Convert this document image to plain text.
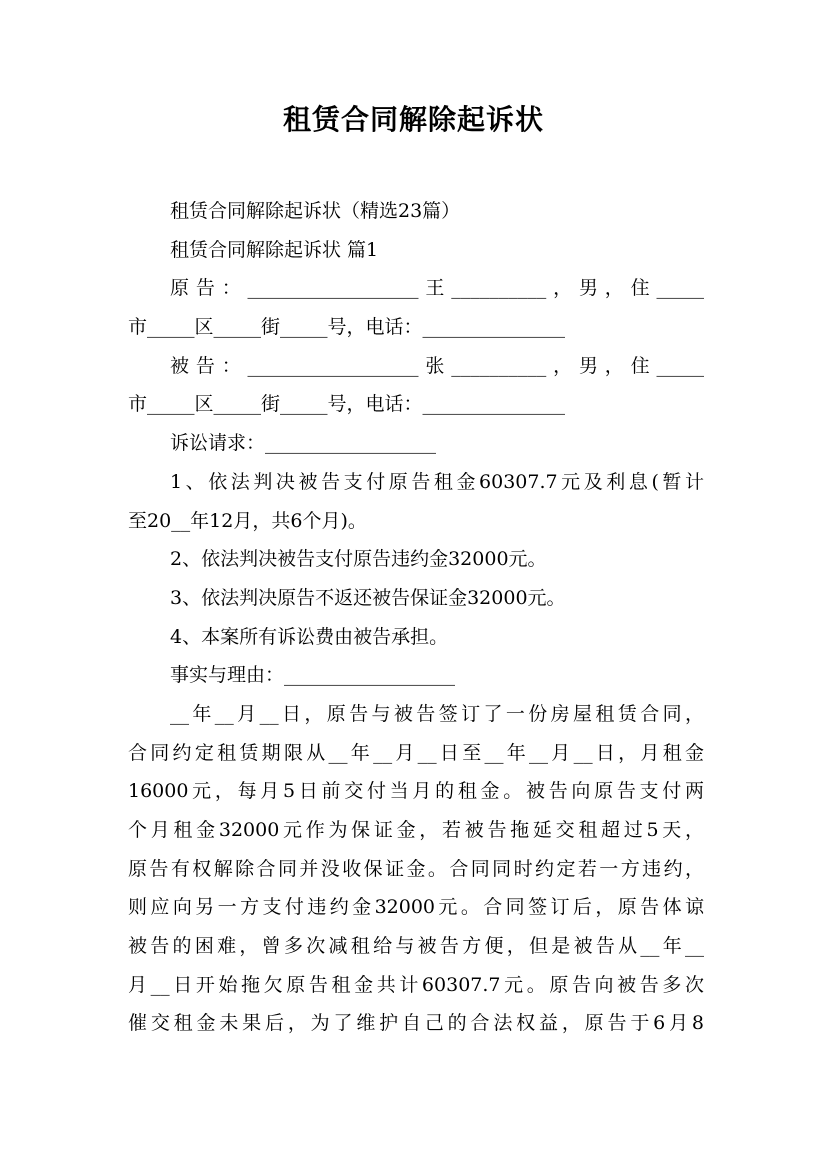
租赁合同解除起诉状
租赁合同解除起诉状（精选23篇）
租赁合同解除起诉状 篇1
原告：__________________王__________，男，住_____
市_____区_____街_____号，电话：_______________
被告：__________________张__________，男，住_____
市_____区_____街_____号，电话：_______________
诉讼请求：__________________
1、依法判决被告支付原告租金60307.7元及利息(暂计
至20__年12月，共6个月)。
2、依法判决被告支付原告违约金32000元。
3、依法判决原告不返还被告保证金32000元。
4、本案所有诉讼费由被告承担。
事实与理由：__________________
__年__月__日，原告与被告签订了一份房屋租赁合同，
合同约定租赁期限从__年__月__日至__年__月__日，月租金
16000元，每月5日前交付当月的租金。被告向原告支付两
个月租金32000元作为保证金，若被告拖延交租超过5天，
原告有权解除合同并没收保证金。合同同时约定若一方违约，
则应向另一方支付违约金32000元。合同签订后，原告体谅
被告的困难，曾多次减租给与被告方便，但是被告从__年__
月__日开始拖欠原告租金共计60307.7元。原告向被告多次
催交租金未果后，为了维护自己的合法权益，原告于6月8
